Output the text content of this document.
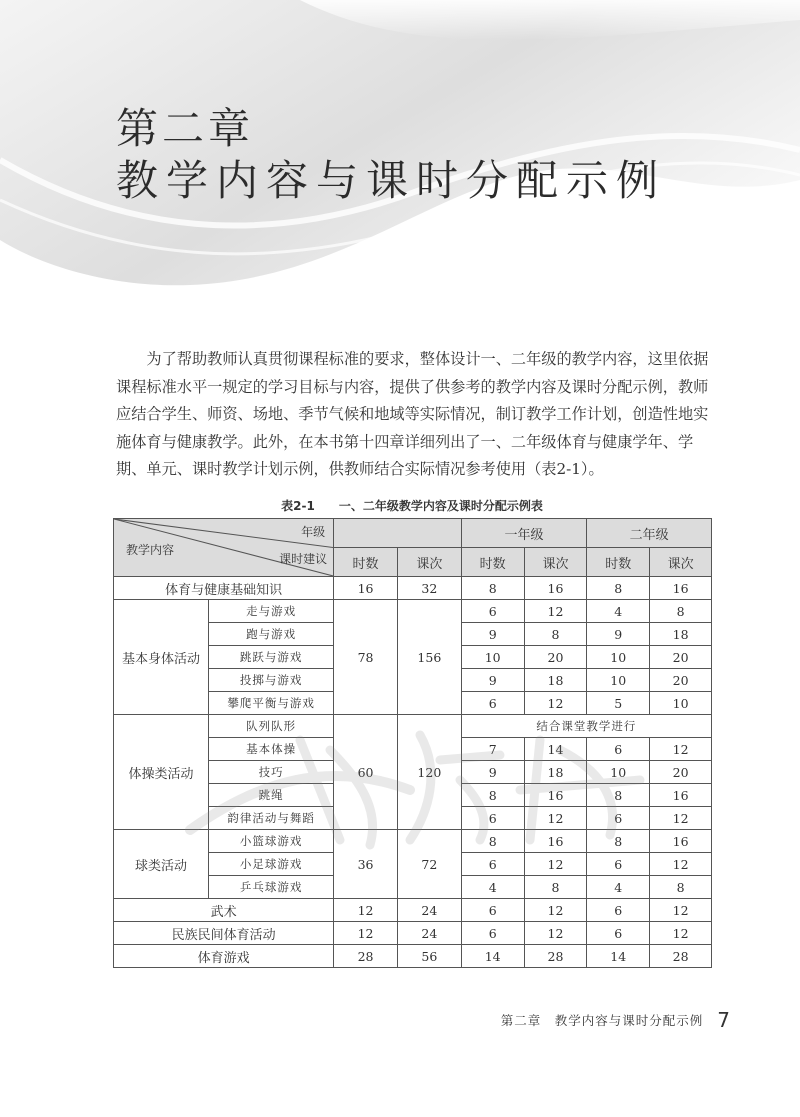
第二章
教学内容与课时分配示例

为了帮助教师认真贯彻课程标准的要求，整体设计一、二年级的教学内容，这里依据课程标准水平一规定的学习目标与内容，提供了供参考的教学内容及课时分配示例，教师应结合学生、师资、场地、季节气候和地域等实际情况，制订教学工作计划，创造性地实施体育与健康教学。此外，在本书第十四章详细列出了一、二年级体育与健康学年、学期、单元、课时教学计划示例，供教师结合实际情况参考使用（表2-1）。

表2-1 一、二年级教学内容及课时分配示例表
年级
课时建议
教学内容				一年级		二年级	
		时数	课次	时数	课次	时数	课次
体育与健康基础知识		16	32	8	16	8	16
基本身体活动	走与游戏	78	156	6	12	4	8
	跑与游戏			9	8	9	18
	跳跃与游戏			10	20	10	20
	投掷与游戏			9	18	10	20
	攀爬平衡与游戏			6	12	5	10
体操类活动	队列队形	60	120	结合课堂教学进行			
	基本体操			7	14	6	12
	技巧			9	18	10	20
	跳绳			8	16	8	16
	韵律活动与舞蹈			6	12	6	12
球类活动	小篮球游戏	36	72	8	16	8	16
	小足球游戏			6	12	6	12
	乒乓球游戏			4	8	4	8
武术		12	24	6	12	6	12
民族民间体育活动		12	24	6	12	6	12
体育游戏		28	56	14	28	14	28
第二章　教学内容与课时分配示例 7
